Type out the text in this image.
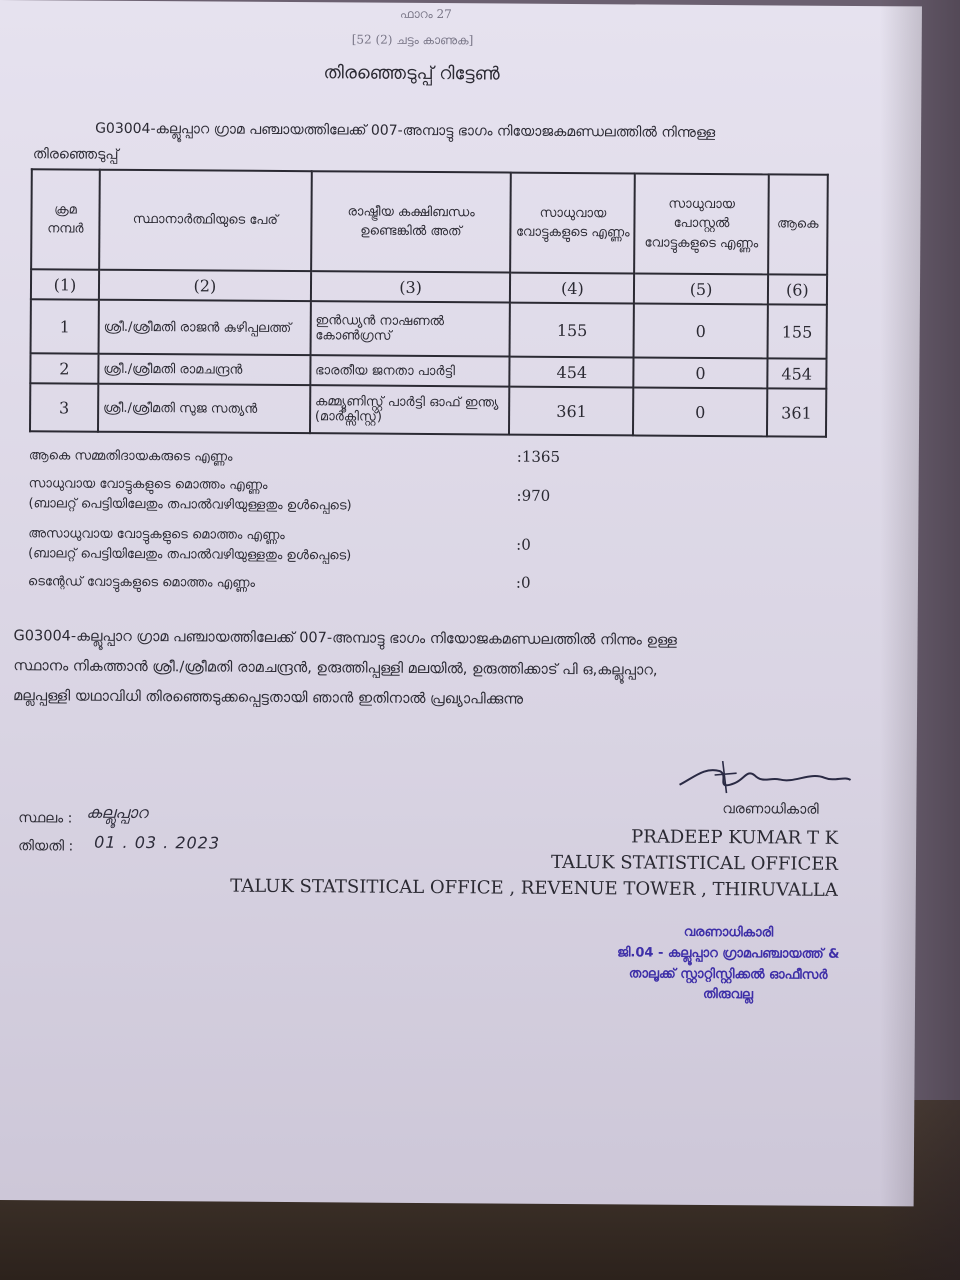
ഫാറം 27
[52 (2) ചട്ടം കാണുക]
തിരഞ്ഞെടുപ്പ് റിട്ടേൺ
G03004-കല്ലൂപ്പാറ ഗ്രാമ പഞ്ചായത്തിലേക്ക് 007-അമ്പാട്ടു ഭാഗം നിയോജകമണ്ഡലത്തിൽ നിന്നുള്ള
തിരഞ്ഞെടുപ്പ്
ക്രമ നമ്പർ	സ്ഥാനാർത്ഥിയുടെ പേര്	രാഷ്ട്രീയ കക്ഷിബന്ധം ഉണ്ടെങ്കിൽ അത്	സാധുവായ വോട്ടുകളുടെ എണ്ണം	സാധുവായ പോസ്റ്റൽ വോട്ടുകളുടെ എണ്ണം	ആകെ
(1)	(2)	(3)	(4)	(5)	(6)
1	ശ്രീ./ശ്രീമതി രാജൻ കുഴിപ്പലത്ത്	ഇൻഡ്യൻ നാഷണൽ കോൺഗ്രസ്	155	0	155
2	ശ്രീ./ശ്രീമതി രാമചന്ദ്രൻ	ഭാരതീയ ജനതാ പാർട്ടി	454	0	454
3	ശ്രീ./ശ്രീമതി സുജ സത്യൻ	കമ്മ്യൂണിസ്റ്റ് പാർട്ടി ഓഫ് ഇന്ത്യ (മാർക്സിസ്റ്റ്)	361	0	361
ആകെ സമ്മതിദായകരുടെ എണ്ണം	:1365
സാധുവായ വോട്ടുകളുടെ മൊത്തം എണ്ണം
(ബാലറ്റ് പെട്ടിയിലേതും തപാൽവഴിയുള്ളതും ഉൾപ്പെടെ)	:970
അസാധുവായ വോട്ടുകളുടെ മൊത്തം എണ്ണം
(ബാലറ്റ് പെട്ടിയിലേതും തപാൽവഴിയുള്ളതും ഉൾപ്പെടെ)
:0
ടെന്റേഡ് വോട്ടുകളുടെ മൊത്തം എണ്ണം	:0
G03004-കല്ലൂപ്പാറ ഗ്രാമ പഞ്ചായത്തിലേക്ക് 007-അമ്പാട്ടു ഭാഗം നിയോജകമണ്ഡലത്തിൽ നിന്നും ഉള്ള
സ്ഥാനം നികത്താൻ ശ്രീ./ശ്രീമതി രാമചന്ദ്രൻ, ഉരുത്തിപ്പള്ളി മലയിൽ, ഉരുത്തിക്കാട് പി ഒ,കല്ലൂപ്പാറ,
മല്ലപ്പള്ളി യഥാവിധി തിരഞ്ഞെടുക്കപ്പെട്ടതായി ഞാൻ ഇതിനാൽ പ്രഖ്യാപിക്കുന്നു
വരണാധികാരി
സ്ഥലം : കല്ലൂപ്പാറ
തിയതി : 01 . 03 . 2023	PRADEEP KUMAR T K
TALUK STATISTICAL OFFICER
TALUK STATSITICAL OFFICE , REVENUE TOWER , THIRUVALLA
വരണാധികാരി
ജി.04 - കല്ലൂപ്പാറ ഗ്രാമപഞ്ചായത്ത് &
താലൂക്ക് സ്റ്റാറ്റിസ്റ്റിക്കൽ ഓഫീസർ
തിരുവല്ല
